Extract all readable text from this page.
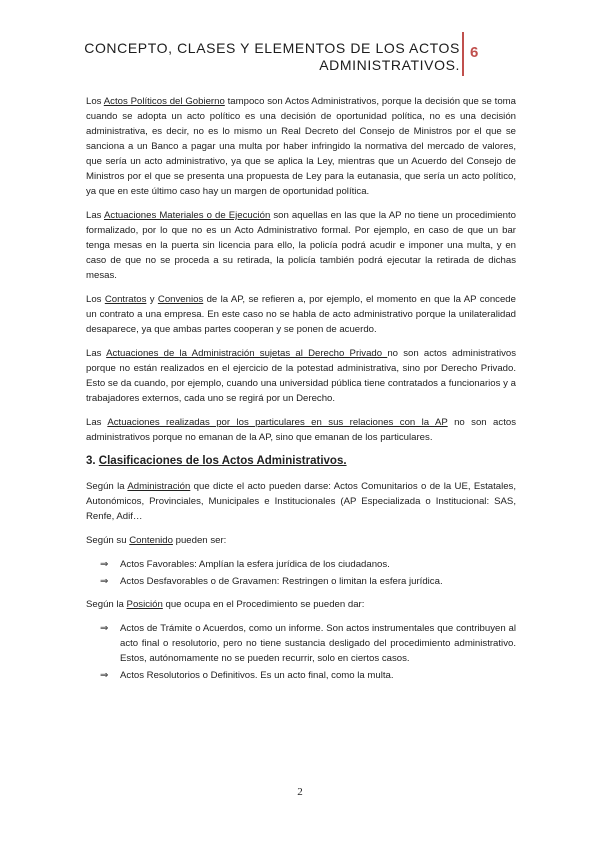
CONCEPTO, CLASES Y ELEMENTOS DE LOS ACTOS
ADMINISTRATIVOS.
6

Los Actos Políticos del Gobierno tampoco son Actos Administrativos, porque la decisión que se toma cuando se adopta un acto político es una decisión de oportunidad política, no es una decisión administrativa, es decir, no es lo mismo un Real Decreto del Consejo de Ministros por el que se sanciona a un Banco a pagar una multa por haber infringido la normativa del mercado de valores, que sería un acto administrativo, ya que se aplica la Ley, mientras que un Acuerdo del Consejo de Ministros por el que se presenta una propuesta de Ley para la eutanasia, que sería un acto político, ya que en este último caso hay un margen de oportunidad política.

Las Actuaciones Materiales o de Ejecución son aquellas en las que la AP no tiene un procedimiento formalizado, por lo que no es un Acto Administrativo formal. Por ejemplo, en caso de que un bar tenga mesas en la puerta sin licencia para ello, la policía podrá acudir e imponer una multa, y en caso de que no se proceda a su retirada, la policía también podrá ejecutar la retirada de dichas mesas.

Los Contratos y Convenios de la AP, se refieren a, por ejemplo, el momento en que la AP concede un contrato a una empresa. En este caso no se habla de acto administrativo porque la unilateralidad desaparece, ya que ambas partes cooperan y se ponen de acuerdo.

Las Actuaciones de la Administración sujetas al Derecho Privado no son actos administrativos porque no están realizados en el ejercicio de la potestad administrativa, sino por Derecho Privado. Esto se da cuando, por ejemplo, cuando una universidad pública tiene contratados a funcionarios y a trabajadores externos, cada uno se regirá por un Derecho.

Las Actuaciones realizadas por los particulares en sus relaciones con la AP no son actos administrativos porque no emanan de la AP, sino que emanan de los particulares.

3. Clasificaciones de los Actos Administrativos.

Según la Administración que dicte el acto pueden darse: Actos Comunitarios o de la UE, Estatales, Autonómicos, Provinciales, Municipales e Institucionales (AP Especializada o Institucional: SAS, Renfe, Adif…

Según su Contenido pueden ser:

⇒ Actos Favorables: Amplían la esfera jurídica de los ciudadanos.
⇒ Actos Desfavorables o de Gravamen: Restringen o limitan la esfera jurídica.

Según la Posición que ocupa en el Procedimiento se pueden dar:

⇒ Actos de Trámite o Acuerdos, como un informe. Son actos instrumentales que contribuyen al acto final o resolutorio, pero no tiene sustancia desligado del procedimiento administrativo. Estos, autónomamente no se pueden recurrir, solo en ciertos casos.
⇒ Actos Resolutorios o Definitivos. Es un acto final, como la multa.
2
